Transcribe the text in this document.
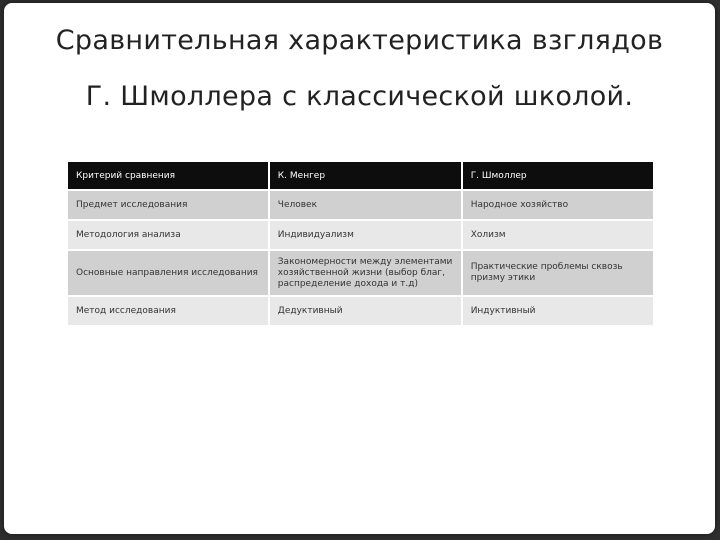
Сравнительная характеристика взглядов
Г. Шмоллера с классической школой.
Критерий сравнения	К. Менгер	Г. Шмоллер
Предмет исследования	Человек	Народное хозяйство
Методология анализа	Индивидуализм	Холизм
Основные направления исследования	Закономерности между элементами хозяйственной жизни (выбор благ, распределение дохода и т.д)	Практические проблемы сквозь призму этики
Метод исследования	Дедуктивный	Индуктивный
